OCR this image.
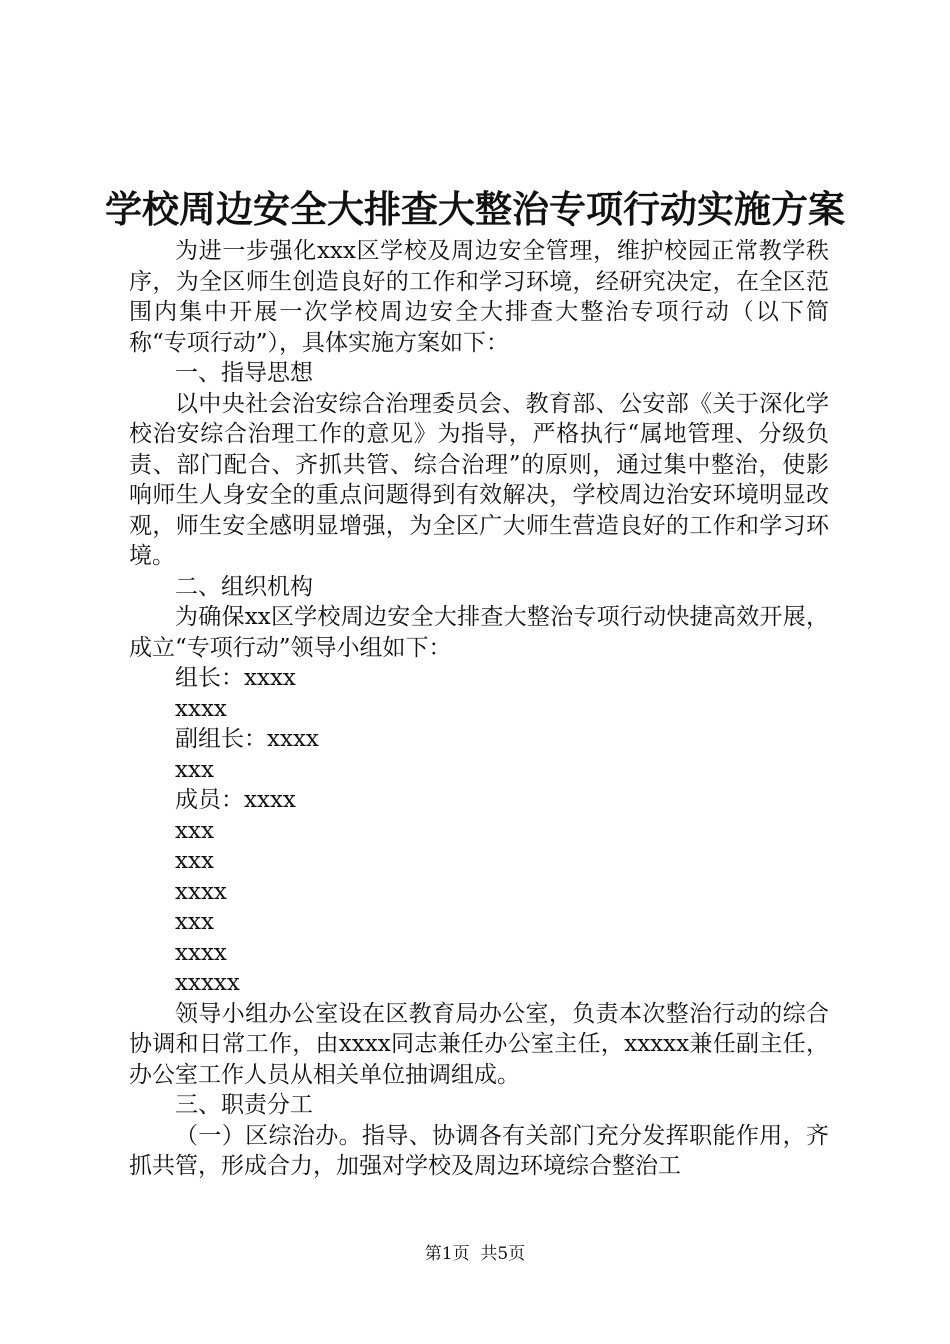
学校周边安全大排查大整治专项行动实施方案

为进一步强化xxx区学校及周边安全管理，维护校园正常教学秩序，为全区师生创造良好的工作和学习环境，经研究决定，在全区范围内集中开展一次学校周边安全大排查大整治专项行动（以下简称“专项行动”），具体实施方案如下：

一、指导思想

以中央社会治安综合治理委员会、教育部、公安部《关于深化学校治安综合治理工作的意见》为指导，严格执行“属地管理、分级负责、部门配合、齐抓共管、综合治理”的原则，通过集中整治，使影响师生人身安全的重点问题得到有效解决，学校周边治安环境明显改观，师生安全感明显增强，为全区广大师生营造良好的工作和学习环境。

二、组织机构

为确保xx区学校周边安全大排查大整治专项行动快捷高效开展，成立“专项行动”领导小组如下：

组长：xxxx

xxxx

副组长：xxxx

xxx

成员：xxxx

xxx

xxx

xxxx

xxx

xxxx

xxxxx

领导小组办公室设在区教育局办公室，负责本次整治行动的综合协调和日常工作，由xxxx同志兼任办公室主任，xxxxx兼任副主任，办公室工作人员从相关单位抽调组成。

三、职责分工

（一）区综治办。指导、协调各有关部门充分发挥职能作用，齐抓共管，形成合力，加强对学校及周边环境综合整治工

第1页  共5页
